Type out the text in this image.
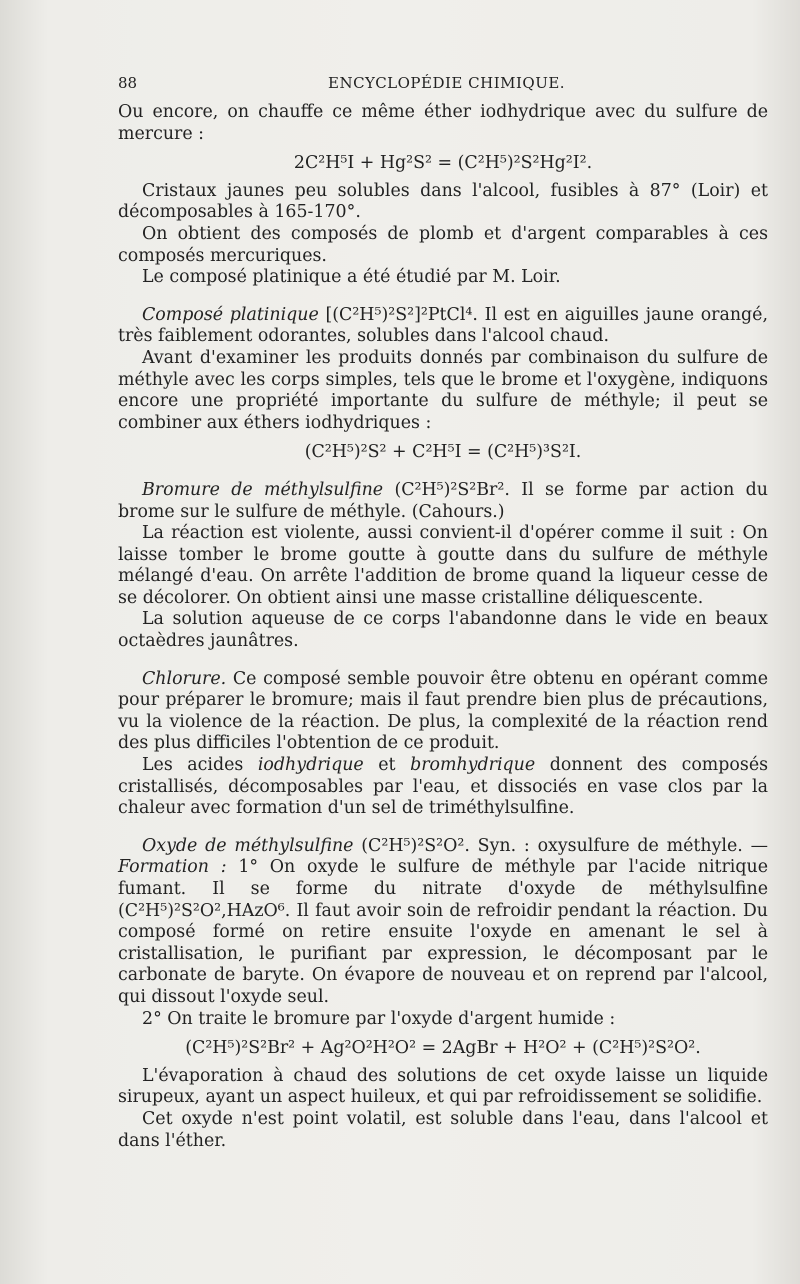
88	ENCYCLOPÉDIE CHIMIQUE.

Ou encore, on chauffe ce même éther iodhydrique avec du sulfure de mercure :

2C²H⁵I + Hg²S² = (C²H⁵)²S²Hg²I².

Cristaux jaunes peu solubles dans l'alcool, fusibles à 87° (Loir) et décomposables à 165-170°.

On obtient des composés de plomb et d'argent comparables à ces composés mercuriques.

Le composé platinique a été étudié par M. Loir.

Composé platinique [(C²H⁵)²S²]²PtCl⁴. Il est en aiguilles jaune orangé, très faiblement odorantes, solubles dans l'alcool chaud.

Avant d'examiner les produits donnés par combinaison du sulfure de méthyle avec les corps simples, tels que le brome et l'oxygène, indiquons encore une propriété importante du sulfure de méthyle; il peut se combiner aux éthers iodhydriques :

(C²H⁵)²S² + C²H⁵I = (C²H⁵)³S²I.

Bromure de méthylsulfine (C²H⁵)²S²Br². Il se forme par action du brome sur le sulfure de méthyle. (Cahours.)

La réaction est violente, aussi convient-il d'opérer comme il suit : On laisse tomber le brome goutte à goutte dans du sulfure de méthyle mélangé d'eau. On arrête l'addition de brome quand la liqueur cesse de se décolorer. On obtient ainsi une masse cristalline déliquescente.

La solution aqueuse de ce corps l'abandonne dans le vide en beaux octaèdres jaunâtres.

Chlorure. Ce composé semble pouvoir être obtenu en opérant comme pour préparer le bromure; mais il faut prendre bien plus de précautions, vu la violence de la réaction. De plus, la complexité de la réaction rend des plus difficiles l'obtention de ce produit.

Les acides iodhydrique et bromhydrique donnent des composés cristallisés, décomposables par l'eau, et dissociés en vase clos par la chaleur avec formation d'un sel de triméthylsulfine.

Oxyde de méthylsulfine (C²H⁵)²S²O². Syn. : oxysulfure de méthyle. — Formation : 1° On oxyde le sulfure de méthyle par l'acide nitrique fumant. Il se forme du nitrate d'oxyde de méthylsulfine (C²H⁵)²S²O²,HAzO⁶. Il faut avoir soin de refroidir pendant la réaction. Du composé formé on retire ensuite l'oxyde en amenant le sel à cristallisation, le purifiant par expression, le décomposant par le carbonate de baryte. On évapore de nouveau et on reprend par l'alcool, qui dissout l'oxyde seul.

2° On traite le bromure par l'oxyde d'argent humide :

(C²H⁵)²S²Br² + Ag²O²H²O² = 2AgBr + H²O² + (C²H⁵)²S²O².

L'évaporation à chaud des solutions de cet oxyde laisse un liquide sirupeux, ayant un aspect huileux, et qui par refroidissement se solidifie.

Cet oxyde n'est point volatil, est soluble dans l'eau, dans l'alcool et dans l'éther.
